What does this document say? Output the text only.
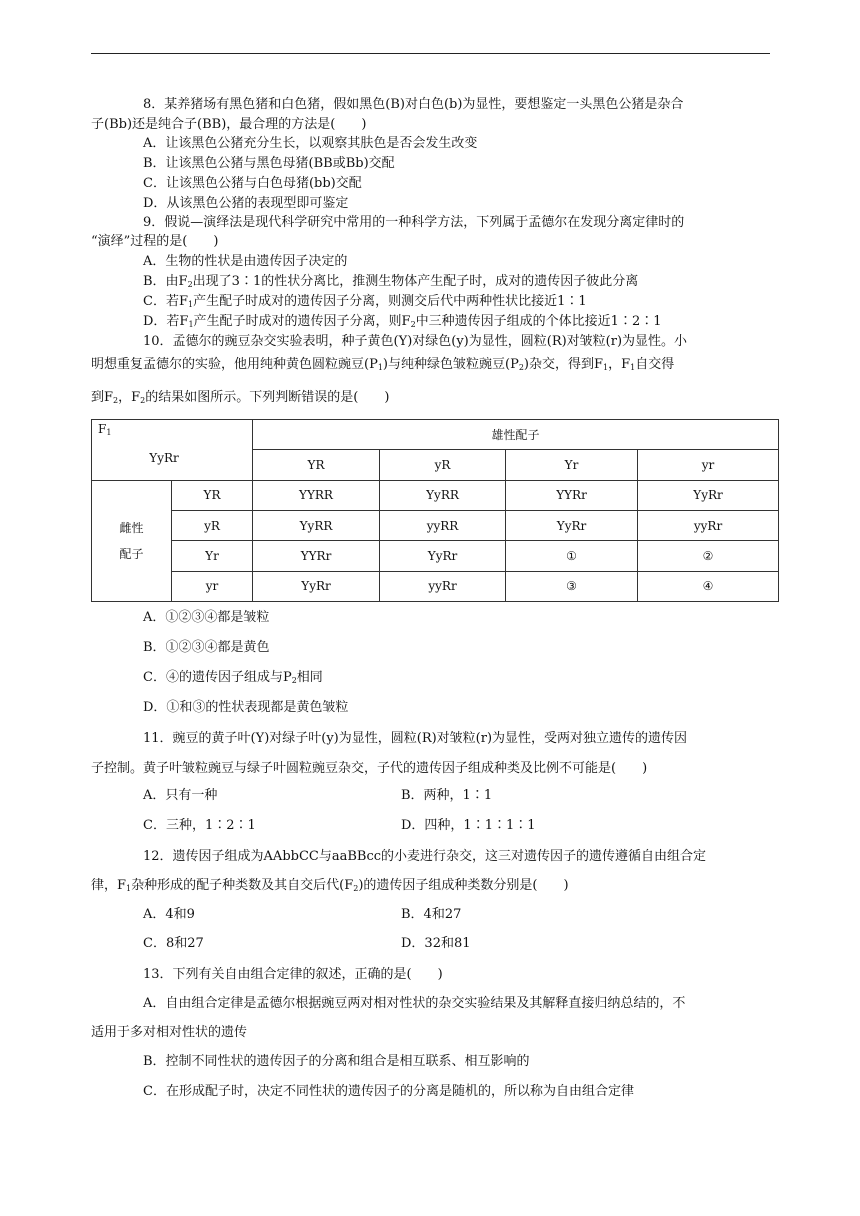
8．某养猪场有黑色猪和白色猪，假如黑色(B)对白色(b)为显性，要想鉴定一头黑色公猪是杂合
子(Bb)还是纯合子(BB)，最合理的方法是(　　)
A．让该黑色公猪充分生长，以观察其肤色是否会发生改变
B．让该黑色公猪与黑色母猪(BB或Bb)交配
C．让该黑色公猪与白色母猪(bb)交配
D．从该黑色公猪的表现型即可鉴定
9．假说—演绎法是现代科学研究中常用的一种科学方法，下列属于孟德尔在发现分离定律时的
“演绎”过程的是(　　)
A．生物的性状是由遗传因子决定的
B．由$F_2$出现了3∶1的性状分离比，推测生物体产生配子时，成对的遗传因子彼此分离
C．若$F_1$产生配子时成对的遗传因子分离，则测交后代中两种性状比接近1∶1
D．若$F_1$产生配子时成对的遗传因子分离，则$F_2$中三种遗传因子组成的个体比接近1∶2∶1
10．孟德尔的豌豆杂交实验表明，种子黄色(Y)对绿色(y)为显性，圆粒(R)对皱粒(r)为显性。小
明想重复孟德尔的实验，他用纯种黄色圆粒豌豆$(P_1)$与纯种绿色皱粒豌豆$(P_2)$杂交，得到$F_1$，$F_1$自交得
到$F_2$，$F_2$的结果如图所示。下列判断错误的是(　　)
$F_1$
YyRr		雄性配子			
		YR	yR	Yr	yr

雌性
配子	YR	YYRR	YyRR	YYRr	YyRr
	yR	YyRR	yyRR	YyRr	yyRr
	Yr	YYRr	YyRr	①	②
	yr	YyRr	yyRr	③	④
A．①②③④都是皱粒
B．①②③④都是黄色
C．④的遗传因子组成与$P_2$相同
D．①和③的性状表现都是黄色皱粒
11．豌豆的黄子叶(Y)对绿子叶(y)为显性，圆粒(R)对皱粒(r)为显性，受两对独立遗传的遗传因
子控制。黄子叶皱粒豌豆与绿子叶圆粒豌豆杂交，子代的遗传因子组成种类及比例不可能是(　　)
A．只有一种	B．两种，1∶1
C．三种，1∶2∶1	D．四种，1∶1∶1∶1
12．遗传因子组成为AAbbCC与aaBBcc的小麦进行杂交，这三对遗传因子的遗传遵循自由组合定
律，$F_1$杂种形成的配子种类数及其自交后代$(F_2)$的遗传因子组成种类数分别是(　　)
A．4和9	B．4和27
C．8和27	D．32和81
13．下列有关自由组合定律的叙述，正确的是(　　)
A．自由组合定律是孟德尔根据豌豆两对相对性状的杂交实验结果及其解释直接归纳总结的，不
适用于多对相对性状的遗传
B．控制不同性状的遗传因子的分离和组合是相互联系、相互影响的
C．在形成配子时，决定不同性状的遗传因子的分离是随机的，所以称为自由组合定律
